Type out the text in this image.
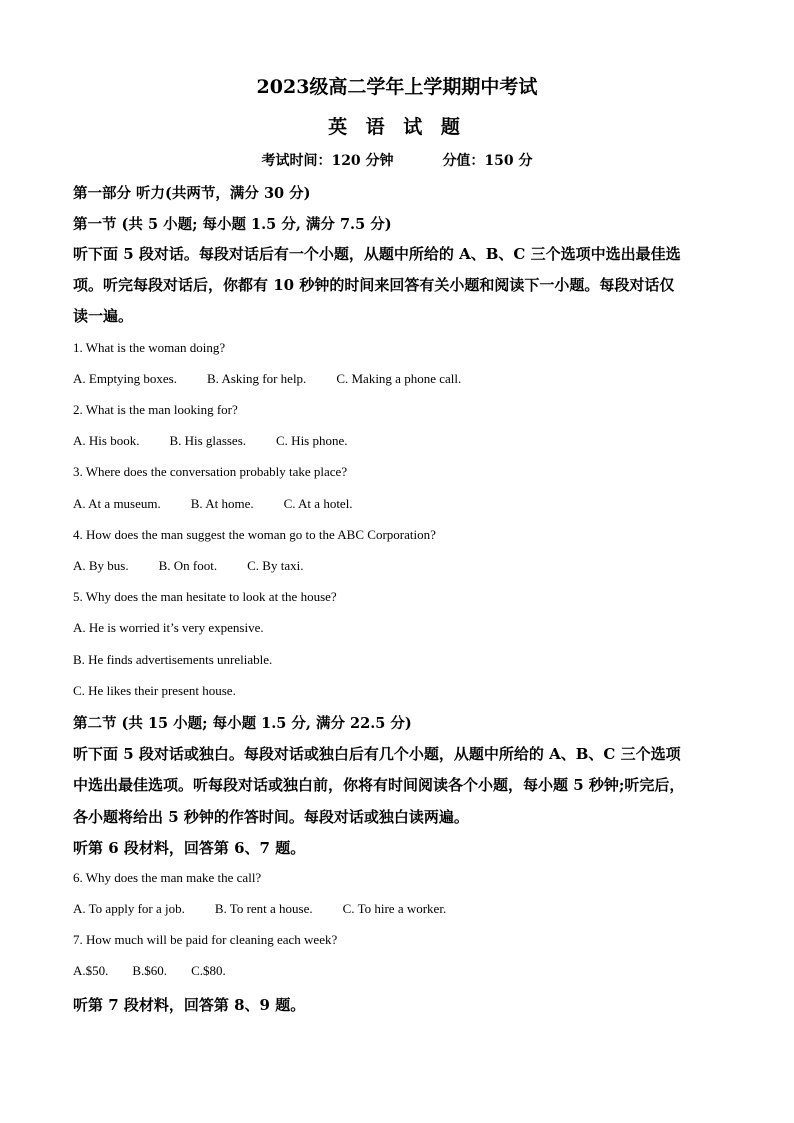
2023级高二学年上学期期中考试
英 语 试 题
考试时间：120 分钟	分值：150 分
第一部分 听力(共两节，满分 30 分)
第一节 (共 5 小题; 每小题 1.5 分, 满分 7.5 分)
听下面 5 段对话。每段对话后有一个小题，从题中所给的 A、B、C 三个选项中选出最佳选
项。听完每段对话后，你都有 10 秒钟的时间来回答有关小题和阅读下一小题。每段对话仅
读一遍。
1. What is the woman doing?
A. Emptying boxes. B. Asking for help. C. Making a phone call.
2. What is the man looking for?
A. His book. B. His glasses. C. His phone.
3. Where does the conversation probably take place?
A. At a museum. B. At home. C. At a hotel.
4. How does the man suggest the woman go to the ABC Corporation?
A. By bus. B. On foot. C. By taxi.
5. Why does the man hesitate to look at the house?
A. He is worried it’s very expensive.
B. He finds advertisements unreliable.
C. He likes their present house.
第二节 (共 15 小题; 每小题 1.5 分, 满分 22.5 分)
听下面 5 段对话或独白。每段对话或独白后有几个小题，从题中所给的 A、B、C 三个选项
中选出最佳选项。听每段对话或独白前，你将有时间阅读各个小题，每小题 5 秒钟;听完后，
各小题将给出 5 秒钟的作答时间。每段对话或独白读两遍。
听第 6 段材料，回答第 6、7 题。
6. Why does the man make the call?
A. To apply for a job. B. To rent a house. C. To hire a worker.
7. How much will be paid for cleaning each week?
A.$50. B.$60. C.$80.
听第 7 段材料，回答第 8、9 题。
